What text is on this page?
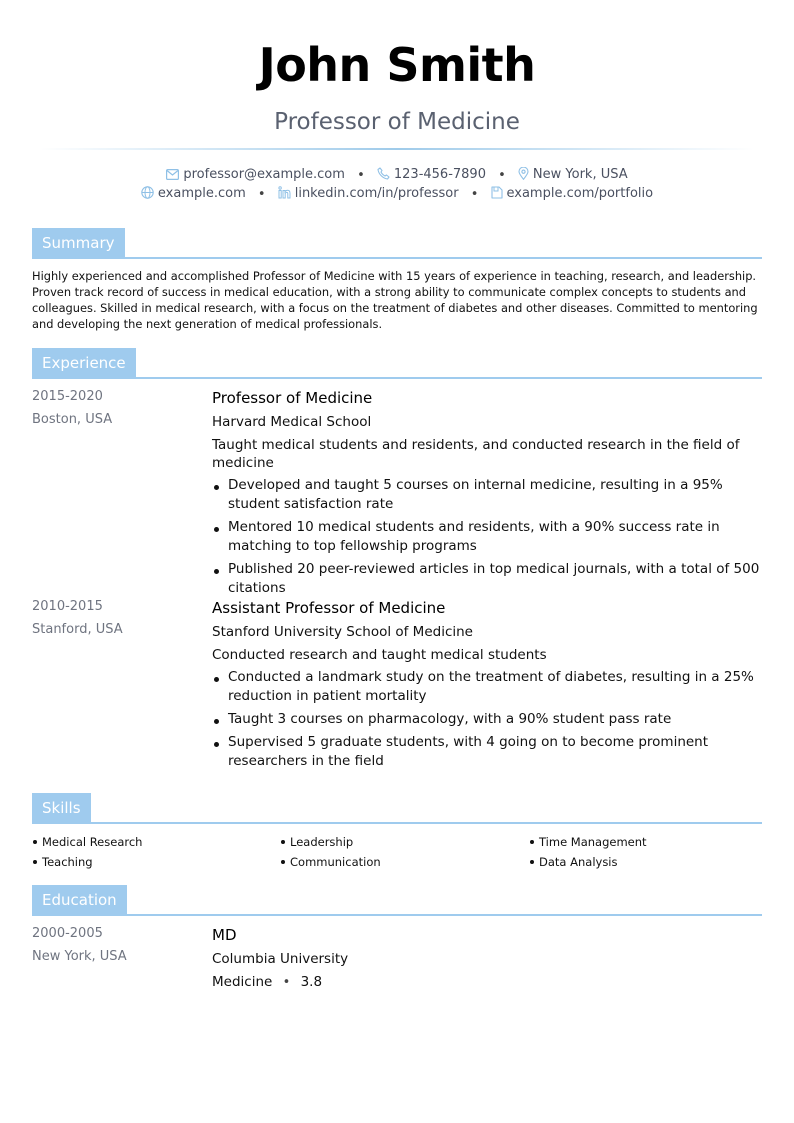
John Smith
Professor of Medicine
professor@example.com • 123-456-7890 • New York, USA
example.com • linkedin.com/in/professor • example.com/portfolio
Summary
Highly experienced and accomplished Professor of Medicine with 15 years of experience in teaching, research, and leadership. Proven track record of success in medical education, with a strong ability to communicate complex concepts to students and colleagues. Skilled in medical research, with a focus on the treatment of diabetes and other diseases. Committed to mentoring and developing the next generation of medical professionals.
Experience
2015-2020
Boston, USA
Professor of Medicine
Harvard Medical School
Taught medical students and residents, and conducted research in the field of medicine
Developed and taught 5 courses on internal medicine, resulting in a 95% student satisfaction rate
Mentored 10 medical students and residents, with a 90% success rate in matching to top fellowship programs
Published 20 peer-reviewed articles in top medical journals, with a total of 500 citations
2010-2015
Stanford, USA
Assistant Professor of Medicine
Stanford University School of Medicine
Conducted research and taught medical students
Conducted a landmark study on the treatment of diabetes, resulting in a 25% reduction in patient mortality
Taught 3 courses on pharmacology, with a 90% student pass rate
Supervised 5 graduate students, with 4 going on to become prominent researchers in the field
Skills
Medical Research	Leadership	Time Management
Teaching	Communication	Data Analysis
Education
2000-2005
New York, USA
MD
Columbia University
Medicine • 3.8
